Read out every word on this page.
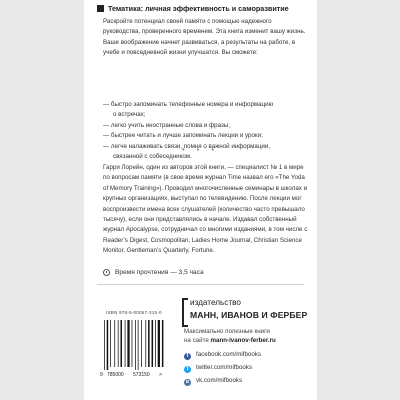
Тематика: личная эффективность и саморазвитие
Раскройте потенциал своей памяти с помощью надежного руководства, проверенного временем. Эта книга изменит вашу жизнь. Ваше воображение начнет развиваться, а результаты на работе, в учебе и повседневной жизни улучшатся. Вы сможете:
— быстро запоминать телефонные номера и информацию
о встречах;
— легко учить иностранные слова и фразы;
— быстрее читать и лучше запоминать лекции и уроки;
— легче налаживать связи, помня о важной информации,
связанной с собеседником.
* * *
Гарри Лорейн, один из авторов этой книги, — специалист № 1 в мире по вопросам памяти (в свое время журнал Time назвал его «The Yoda of Memory Training»). Проводил многочисленные семинары в школах и крупных организациях, выступал по телевидению. После лекции мог воспроизвести имена всех слушателей (количество часто превышало тысячу), если они представлялись в начале. Издавал собственный журнал Apocalypse, сотрудничал со многими изданиями, в том числе с Reader’s Digest, Cosmopolitan, Ladies Home Journal, Christian Science Monitor, Gentleman’s Quarterly, Fortune.
Время прочтения — 3,5 часа
ISBN 978-5-00057-315-0
9 785000 573150 >
издательство
МАНН, ИВАНОВ И ФЕРБЕР
Максимально полезные книги
на сайте mann-ivanov-ferber.ru
f facebook.com/mifbooks
t twitter.com/mifbooks
в vk.com/mifbooks
